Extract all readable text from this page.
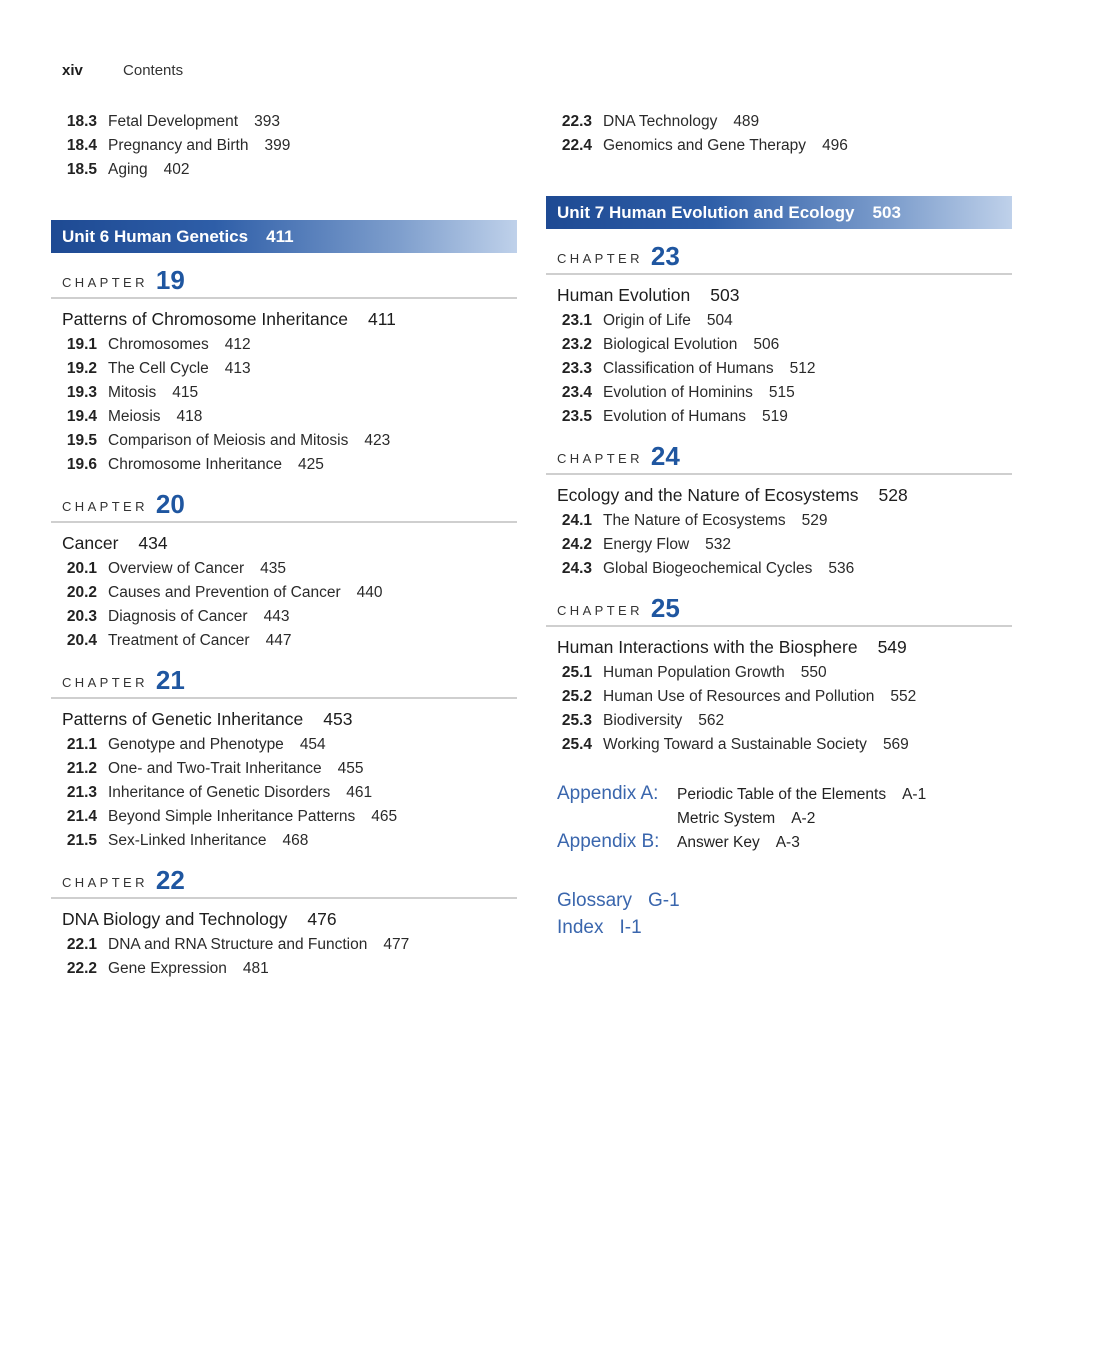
xiv	Contents
18.3 Fetal Development 393
18.4 Pregnancy and Birth 399
18.5 Aging 402
Unit 6 Human Genetics 411
CHAPTER 19
Patterns of Chromosome Inheritance 411
19.1 Chromosomes 412
19.2 The Cell Cycle 413
19.3 Mitosis 415
19.4 Meiosis 418
19.5 Comparison of Meiosis and Mitosis 423
19.6 Chromosome Inheritance 425
CHAPTER 20
Cancer 434
20.1 Overview of Cancer 435
20.2 Causes and Prevention of Cancer 440
20.3 Diagnosis of Cancer 443
20.4 Treatment of Cancer 447
CHAPTER 21
Patterns of Genetic Inheritance 453
21.1 Genotype and Phenotype 454
21.2 One- and Two-Trait Inheritance 455
21.3 Inheritance of Genetic Disorders 461
21.4 Beyond Simple Inheritance Patterns 465
21.5 Sex-Linked Inheritance 468
CHAPTER 22
DNA Biology and Technology 476
22.1 DNA and RNA Structure and Function 477
22.2 Gene Expression 481
22.3 DNA Technology 489
22.4 Genomics and Gene Therapy 496
Unit 7 Human Evolution and Ecology 503
CHAPTER 23
Human Evolution 503
23.1 Origin of Life 504
23.2 Biological Evolution 506
23.3 Classification of Humans 512
23.4 Evolution of Hominins 515
23.5 Evolution of Humans 519
CHAPTER 24
Ecology and the Nature of Ecosystems 528
24.1 The Nature of Ecosystems 529
24.2 Energy Flow 532
24.3 Global Biogeochemical Cycles 536
CHAPTER 25
Human Interactions with the Biosphere 549
25.1 Human Population Growth 550
25.2 Human Use of Resources and Pollution 552
25.3 Biodiversity 562
25.4 Working Toward a Sustainable Society 569
Appendix A:	Periodic Table of the Elements A-1
Metric System A-2
Appendix B:	Answer Key A-3
Glossary G-1
Index I-1
